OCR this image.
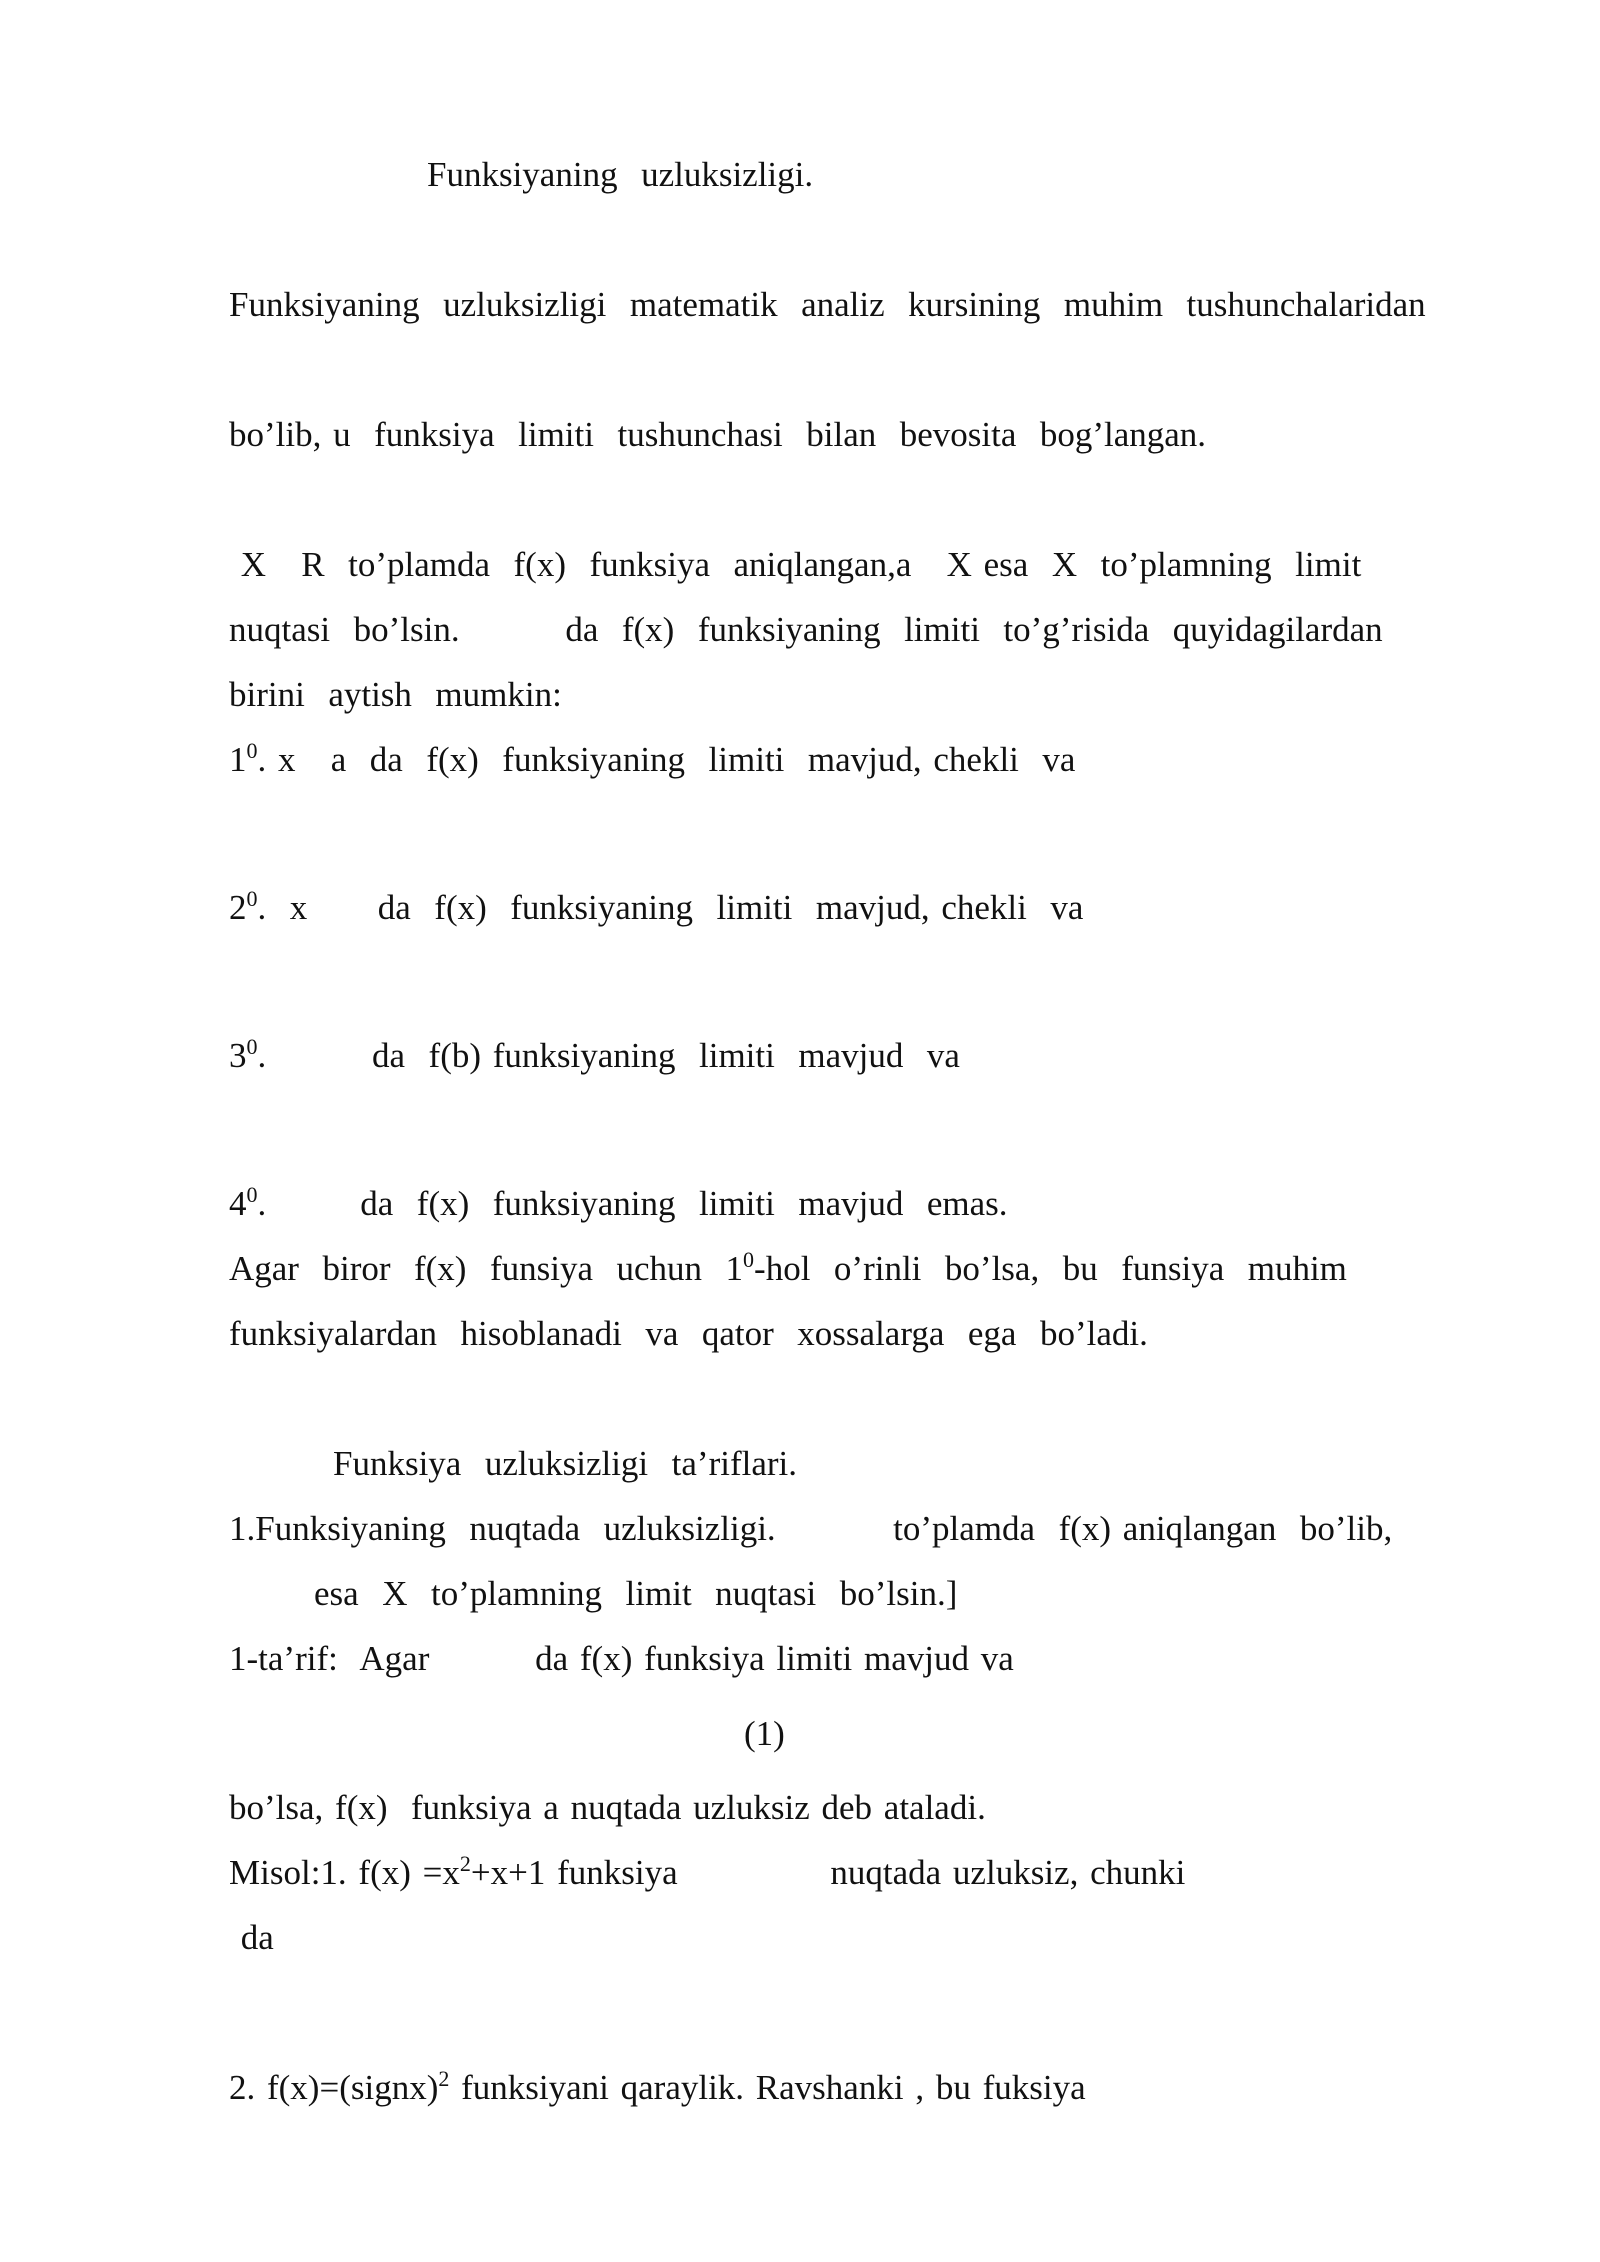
Funksiyaning  uzluksizligi.
Funksiyaning  uzluksizligi  matematik  analiz  kursining  muhim  tushunchalaridan
bo’lib, u  funksiya  limiti  tushunchasi  bilan  bevosita  bog’langan.
X   R  to’plamda  f(x)  funksiya  aniqlangan,a   X esa  X  to’plamning  limit
nuqtasi  bo’lsin.         da  f(x)  funksiyaning  limiti  to’g’risida  quyidagilardan
birini  aytish  mumkin:
$1^0$. x   a  da  f(x)  funksiyaning  limiti  mavjud, chekli  va
$2^0$.  x      da  f(x)  funksiyaning  limiti  mavjud, chekli  va
$3^0$.         da  f(b) funksiyaning  limiti  mavjud  va
$4^0$.        da  f(x)  funksiyaning  limiti  mavjud  emas.
Agar  biror  f(x)  funsiya  uchun  $1^0$-hol  o’rinli  bo’lsa,  bu  funsiya  muhim
funksiyalardan  hisoblanadi  va  qator  xossalarga  ega  bo’ladi.
Funksiya  uzluksizligi  ta’riflari.
1.Funksiyaning  nuqtada  uzluksizligi.          to’plamda  f(x) aniqlangan  bo’lib,
esa  X  to’plamning  limit  nuqtasi  bo’lsin.]
1-ta’rif:  Agar         da f(x) funksiya limiti mavjud va
(1)
bo’lsa, f(x)  funksiya a nuqtada uzluksiz deb ataladi.
Misol:1. $f(x) =x^2+x+1$ funksiya             nuqtada uzluksiz, chunki
da
2. f(x)=(signx)$^2$ funksiyani qaraylik. Ravshanki , bu fuksiya
